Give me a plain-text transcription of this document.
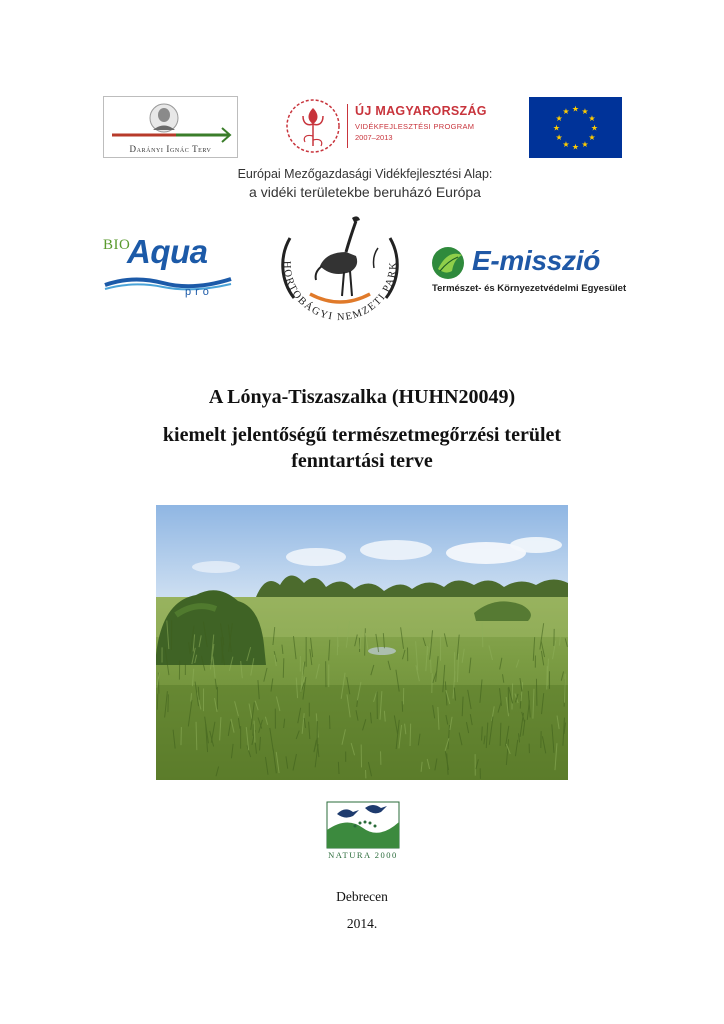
Darányi Ignác Terv
ÚJ MAGYARORSZÁG
VIDÉKFEJLESZTÉSI PROGRAM
2007–2013
★ ★
★
★
★
★
★
★
★
★
★
★
Európai Mezőgazdasági Vidékfejlesztési Alap:
a vidéki területekbe beruházó Európa
BIO
Aqua
pro
HORTOBÁGYI NEMZETI PARK	E-misszió
Természet- és Környezetvédelmi Egyesület
A Lónya-Tiszaszalka (HUHN20049)
kiemelt jelentőségű természetmegőrzési terület
fenntartási terve
NATURA 2000
Debrecen
2014.
